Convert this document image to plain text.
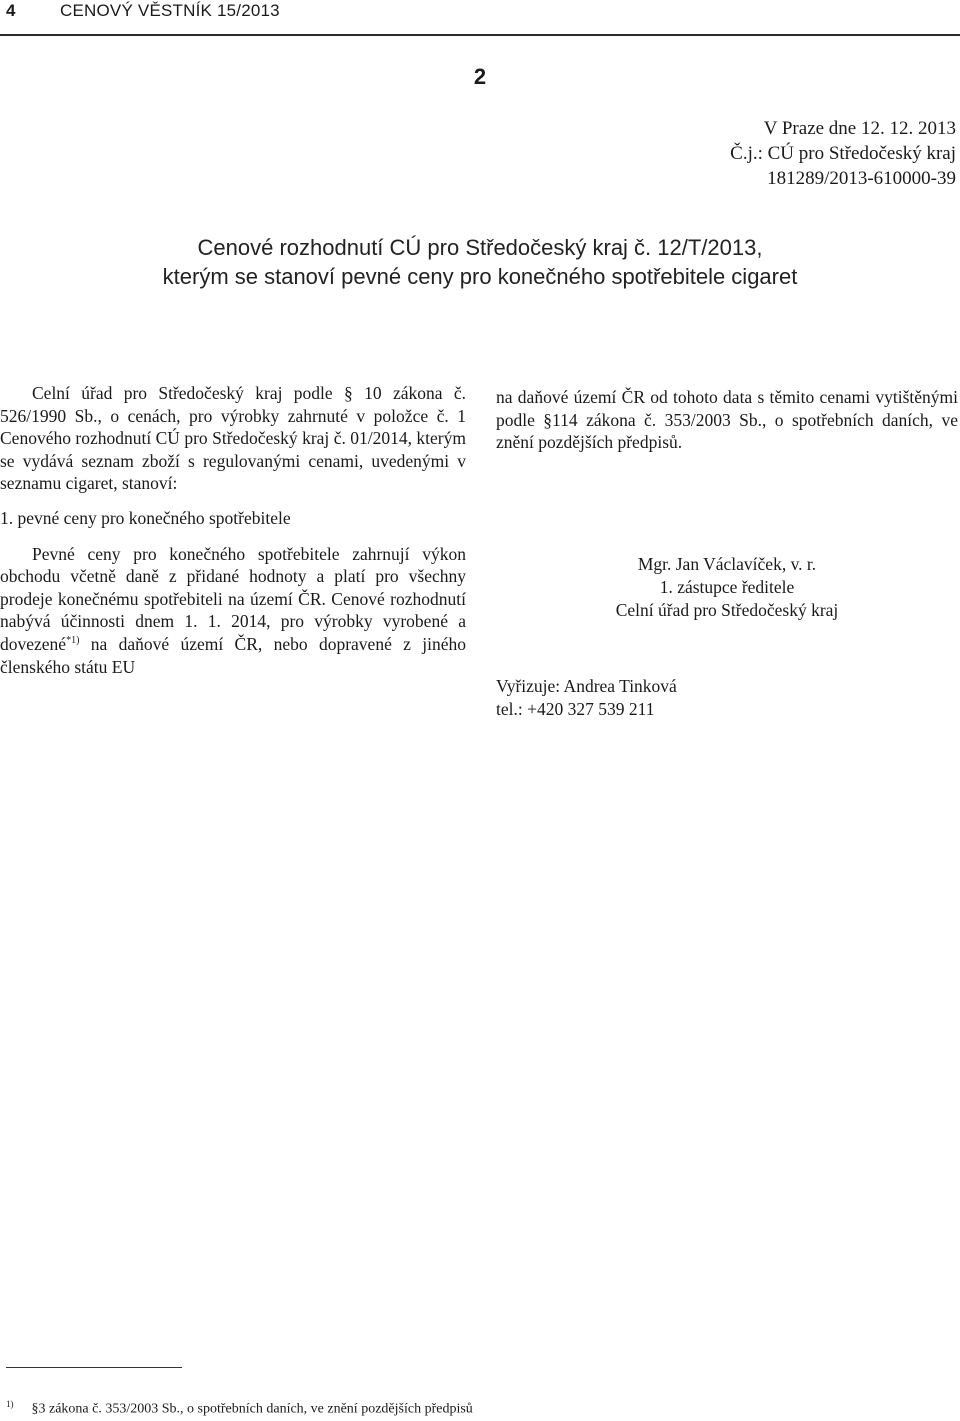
4	CENOVÝ VĚSTNÍK 15/2013
2
V Praze dne 12. 12. 2013
Č.j.: CÚ pro Středočeský kraj
181289/2013-610000-39
Cenové rozhodnutí CÚ pro Středočeský kraj č. 12/T/2013,
kterým se stanoví pevné ceny pro konečného spotřebitele cigaret
Celní úřad pro Středočeský kraj podle § 10 zákona č. 526/1990 Sb., o cenách, pro výrobky zahrnuté v položce č. 1 Cenového rozhodnutí CÚ pro Středočeský kraj č. 01/2014, kterým se vydává seznam zboží s regulovanými cenami, uvedenými v seznamu cigaret, stanoví:
1. pevné ceny pro konečného spotřebitele
Pevné ceny pro konečného spotřebitele zahrnují výkon obchodu včetně daně z přidané hodnoty a platí pro všechny prodeje konečnému spotřebiteli na území ČR. Cenové rozhodnutí nabývá účinnosti dnem 1. 1. 2014, pro výrobky vyrobené a dovezené$^{*1)}$ na daňové území ČR, nebo dopravené z jiného členského státu EU
na daňové území ČR od tohoto data s těmito cenami vytištěnými podle §114 zákona č. 353/2003 Sb., o spotřebních daních, ve znění pozdějších předpisů.
Mgr. Jan Václavíček, v. r.
1. zástupce ředitele
Celní úřad pro Středočeský kraj
Vyřizuje: Andrea Tinková
tel.: +420 327 539 211
$^{1)}$ §3 zákona č. 353/2003 Sb., o spotřebních daních, ve znění pozdějších předpisů
